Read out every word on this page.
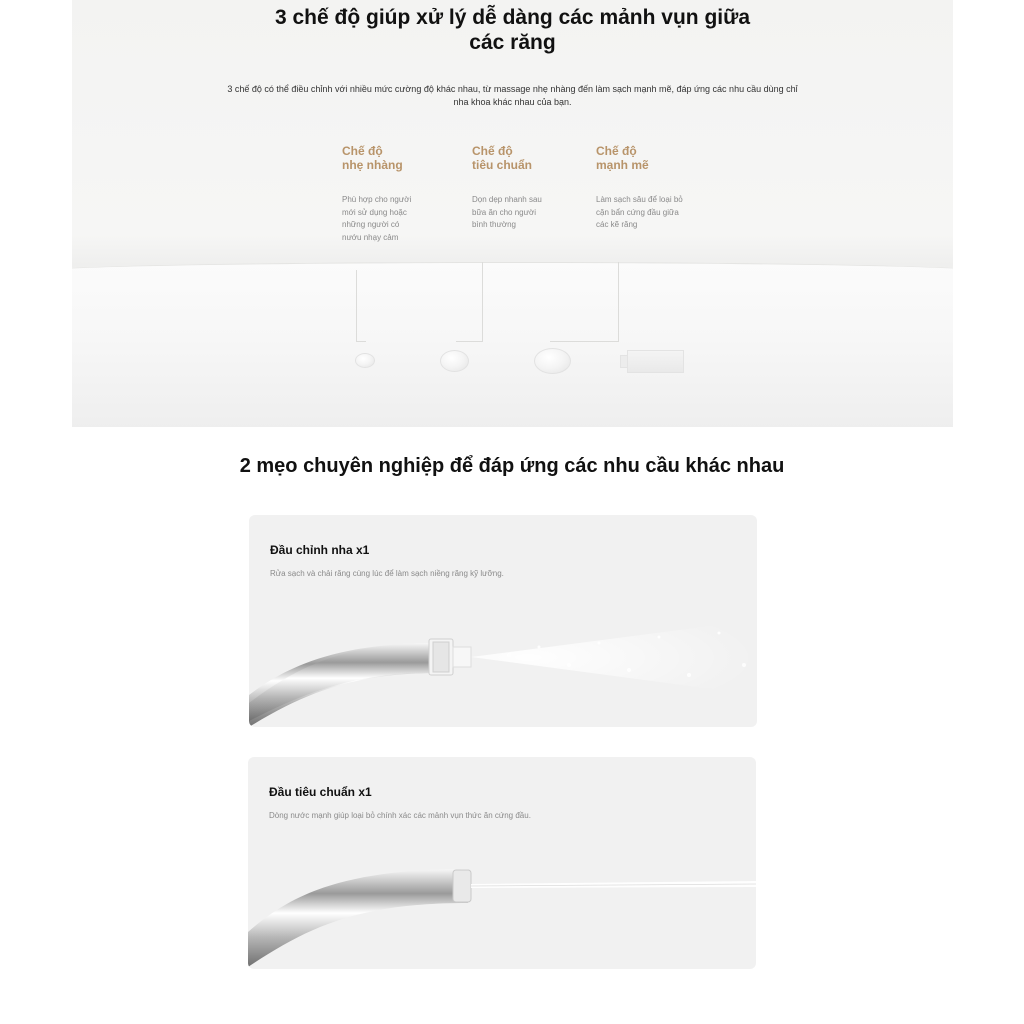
3 chế độ giúp xử lý dễ dàng các mảnh vụn giữa các răng

3 chế độ có thể điều chỉnh với nhiều mức cường độ khác nhau, từ massage nhẹ nhàng đến làm sạch mạnh mẽ, đáp ứng các nhu cầu dùng chỉ nha khoa khác nhau của bạn.

Chế độ
nhẹ nhàng
Phù hợp cho người
mới sử dụng hoặc
những người có
nướu nhạy cảm
Chế độ
tiêu chuẩn
Dọn dẹp nhanh sau
bữa ăn cho người
bình thường
Chế độ
mạnh mẽ
Làm sạch sâu để loại bỏ
cặn bẩn cứng đầu giữa
các kẽ răng
2 mẹo chuyên nghiệp để đáp ứng các nhu cầu khác nhau
Đầu chỉnh nha x1
Rửa sạch và chải răng cùng lúc để làm sạch niềng răng kỹ lưỡng.
Đầu tiêu chuẩn x1
Dòng nước mạnh giúp loại bỏ chính xác các mảnh vụn thức ăn cứng đầu.
